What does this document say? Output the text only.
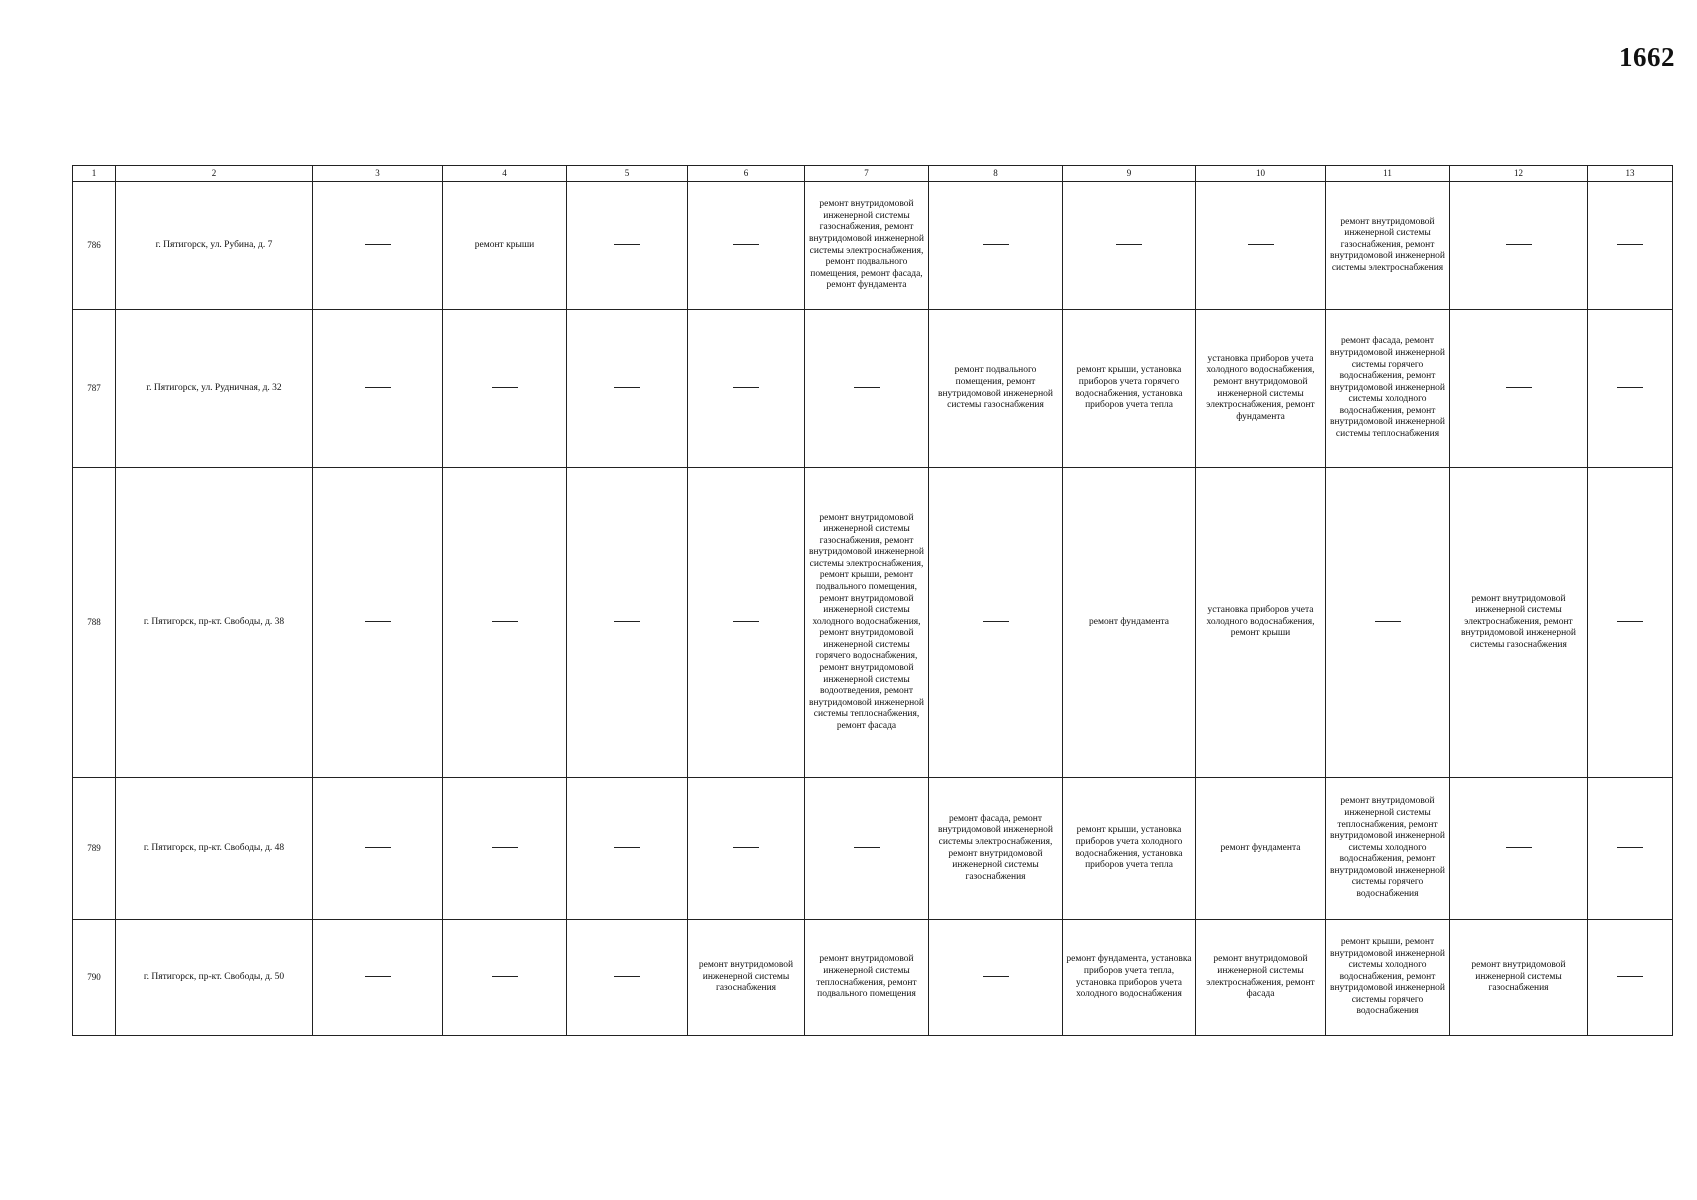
1662
1	2	3	4	5	6	7	8	9	10	11	12	13
786	г. Пятигорск, ул. Рубина, д. 7		ремонт крыши			ремонт внутридомовой инженерной системы газоснабжения, ремонт внутридомовой инженерной системы электроснабжения, ремонт подвального помещения, ремонт фасада, ремонт фундамента				ремонт внутридомовой инженерной системы газоснабжения, ремонт внутридомовой инженерной системы электроснабжения		
787	г. Пятигорск, ул. Рудничная, д. 32						ремонт подвального помещения, ремонт внутридомовой инженерной системы газоснабжения	ремонт крыши, установка приборов учета горячего водоснабжения, установка приборов учета тепла	установка приборов учета холодного водоснабжения, ремонт внутридомовой инженерной системы электроснабжения, ремонт фундамента	ремонт фасада, ремонт внутридомовой инженерной системы горячего водоснабжения, ремонт внутридомовой инженерной системы холодного водоснабжения, ремонт внутридомовой инженерной системы теплоснабжения		
788	г. Пятигорск, пр-кт. Свободы, д. 38					ремонт внутридомовой инженерной системы газоснабжения, ремонт внутридомовой инженерной системы электроснабжения, ремонт крыши, ремонт подвального помещения, ремонт внутридомовой инженерной системы холодного водоснабжения, ремонт внутридомовой инженерной системы горячего водоснабжения, ремонт внутридомовой инженерной системы водоотведения, ремонт внутридомовой инженерной системы теплоснабжения, ремонт фасада		ремонт фундамента	установка приборов учета холодного водоснабжения, ремонт крыши		ремонт внутридомовой инженерной системы электроснабжения, ремонт внутридомовой инженерной системы газоснабжения	
789	г. Пятигорск, пр-кт. Свободы, д. 48						ремонт фасада, ремонт внутридомовой инженерной системы электроснабжения, ремонт внутридомовой инженерной системы газоснабжения	ремонт крыши, установка приборов учета холодного водоснабжения, установка приборов учета тепла	ремонт фундамента	ремонт внутридомовой инженерной системы теплоснабжения, ремонт внутридомовой инженерной системы холодного водоснабжения, ремонт внутридомовой инженерной системы горячего водоснабжения		
790	г. Пятигорск, пр-кт. Свободы, д. 50				ремонт внутридомовой инженерной системы газоснабжения	ремонт внутридомовой инженерной системы теплоснабжения, ремонт подвального помещения		ремонт фундамента, установка приборов учета тепла, установка приборов учета холодного водоснабжения	ремонт внутридомовой инженерной системы электроснабжения, ремонт фасада	ремонт крыши, ремонт внутридомовой инженерной системы холодного водоснабжения, ремонт внутридомовой инженерной системы горячего водоснабжения	ремонт внутридомовой инженерной системы газоснабжения	
